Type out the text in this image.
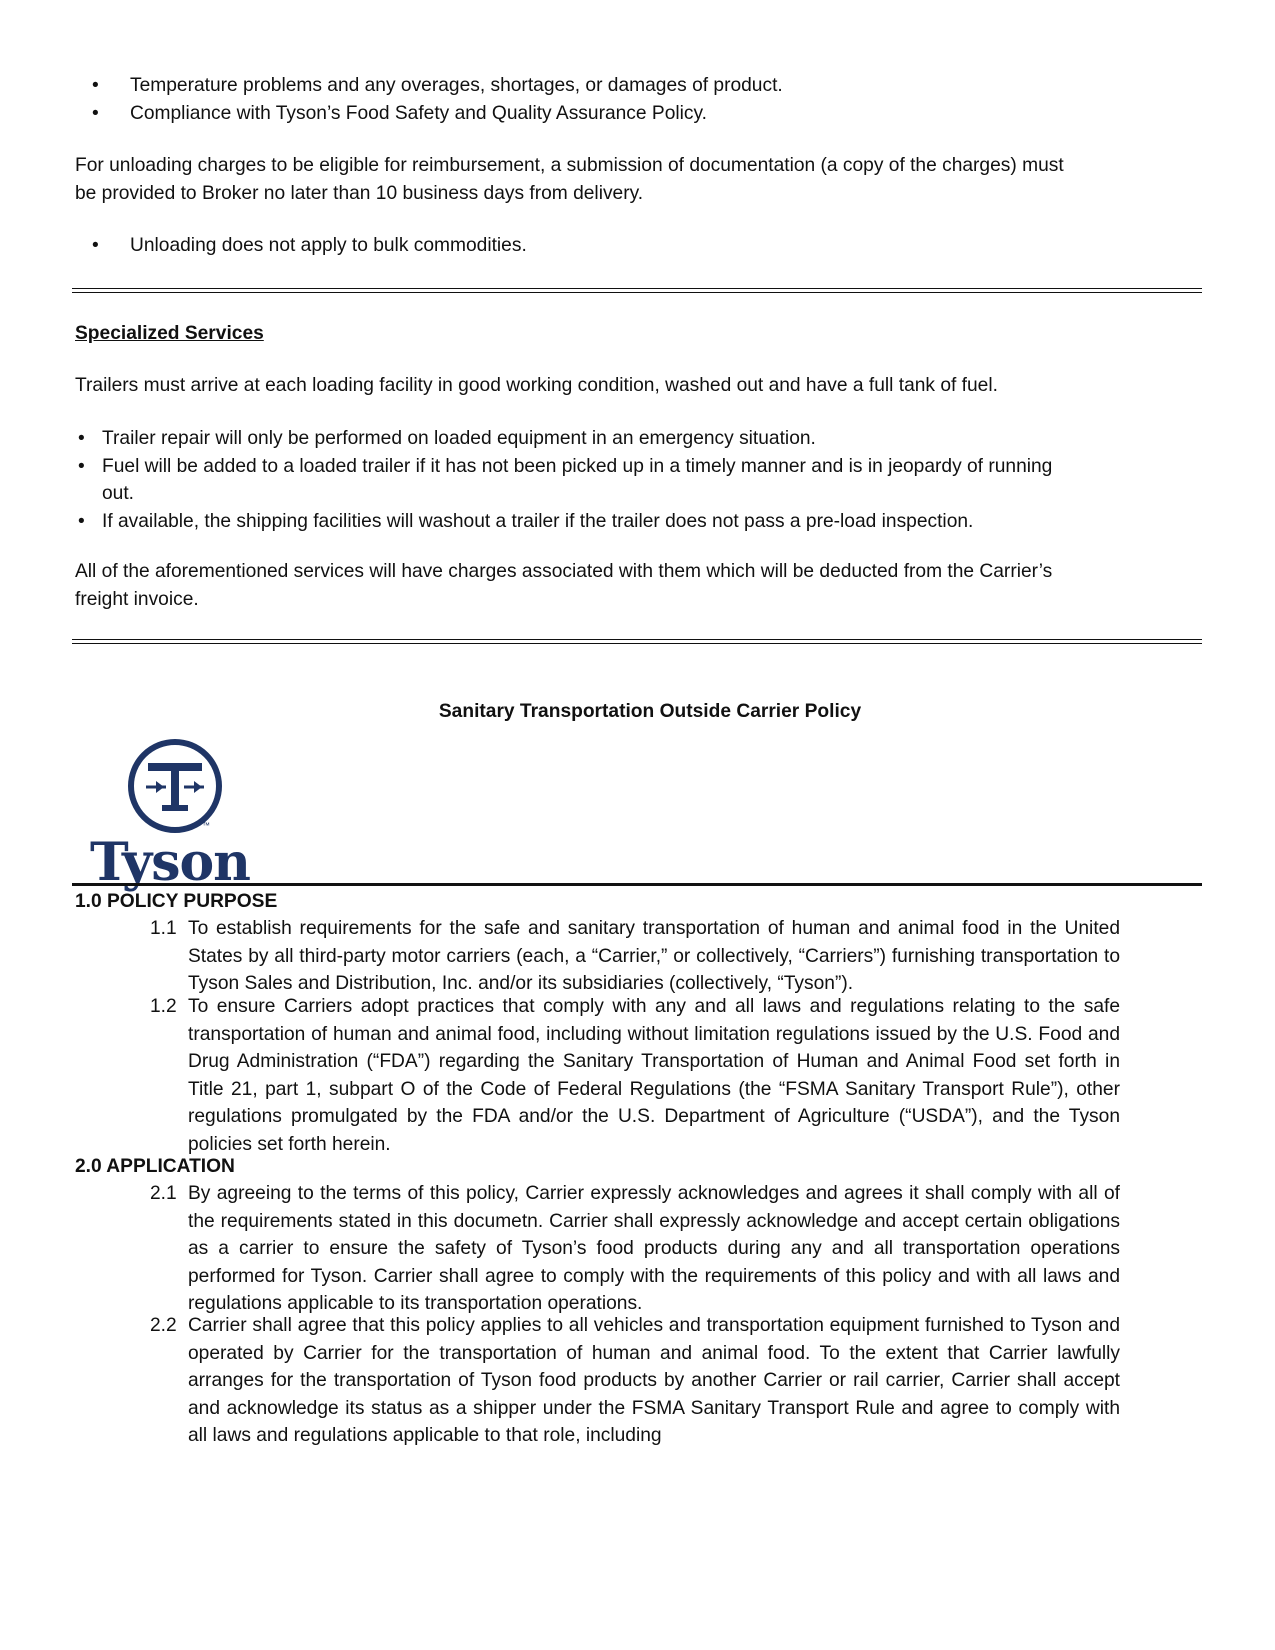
• Temperature problems and any overages, shortages, or damages of product.
• Compliance with Tyson’s Food Safety and Quality Assurance Policy.

For unloading charges to be eligible for reimbursement, a submission of documentation (a copy of the charges) must be provided to Broker no later than 10 business days from delivery.

• Unloading does not apply to bulk commodities.
Specialized Services

Trailers must arrive at each loading facility in good working condition, washed out and have a full tank of fuel.

• Trailer repair will only be performed on loaded equipment in an emergency situation.
• Fuel will be added to a loaded trailer if it has not been picked up in a timely manner and is in jeopardy of running out.
• If available, the shipping facilities will washout a trailer if the trailer does not pass a pre-load inspection.

All of the aforementioned services will have charges associated with them which will be deducted from the Carrier’s freight invoice.

Tyson
™
Sanitary Transportation Outside Carrier Policy
1.0 POLICY PURPOSE
1.1 To establish requirements for the safe and sanitary transportation of human and animal food in the United States by all third-party motor carriers (each, a “Carrier,” or collectively, “Carriers”) furnishing transportation to Tyson Sales and Distribution, Inc. and/or its subsidiaries (collectively, “Tyson”).

1.2 To ensure Carriers adopt practices that comply with any and all laws and regulations relating to the safe transportation of human and animal food, including without limitation regulations issued by the U.S. Food and Drug Administration (“FDA”) regarding the Sanitary Transportation of Human and Animal Food set forth in Title 21, part 1, subpart O of the Code of Federal Regulations (the “FSMA Sanitary Transport Rule”), other regulations promulgated by the FDA and/or the U.S. Department of Agriculture (“USDA”), and the Tyson policies set forth herein.

2.0 APPLICATION
2.1 By agreeing to the terms of this policy, Carrier expressly acknowledges and agrees it shall comply with all of the requirements stated in this documetn. Carrier shall expressly acknowledge and accept certain obligations as a carrier to ensure the safety of Tyson’s food products during any and all transportation operations performed for Tyson. Carrier shall agree to comply with the requirements of this policy and with all laws and regulations applicable to its transportation operations.

2.2 Carrier shall agree that this policy applies to all vehicles and transportation equipment furnished to Tyson and operated by Carrier for the transportation of human and animal food. To the extent that Carrier lawfully arranges for the transportation of Tyson food products by another Carrier or rail carrier, Carrier shall accept and acknowledge its status as a shipper under the FSMA Sanitary Transport Rule and agree to comply with all laws and regulations applicable to that role, including
